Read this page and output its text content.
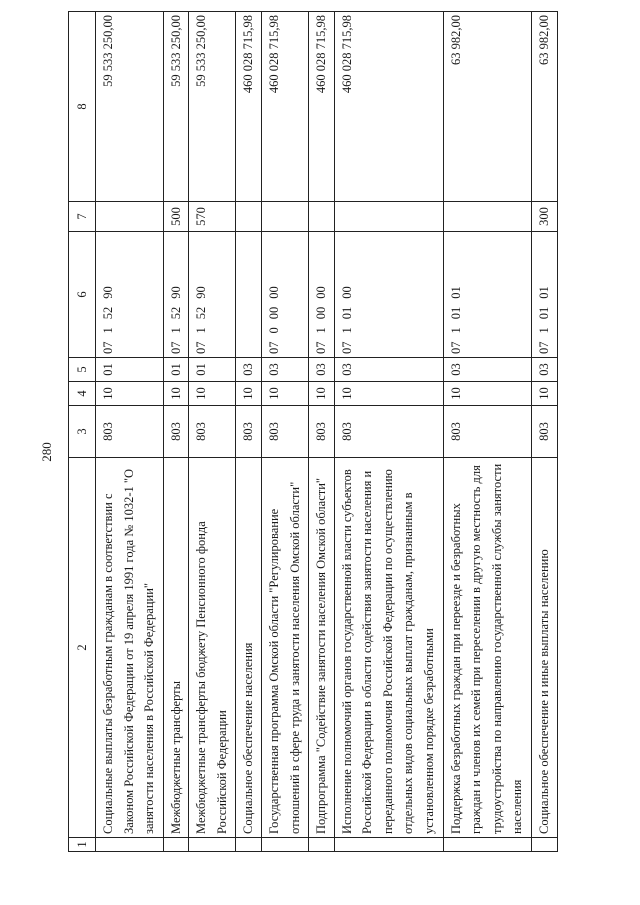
280
1	2	3	4	5	6	7	8
	Социальные выплаты безработным гражданам в соответствии с Законом Российской Федерации от 19 апреля 1991 года № 1032-1 "О занятости населения в Российской Федерации"	803	10	01	0715290		59 533 250,00
	Межбюджетные трансферты	803	10	01	0715290	500	59 533 250,00
	Межбюджетные трансферты бюджету Пенсионного фонда Российской Федерации	803	10	01	0715290	570	59 533 250,00
	Социальное обеспечение населения	803	10	03			460 028 715,98
	Государственная программа Омской области "Регулирование отношений в сфере труда и занятости населения Омской области"	803	10	03	0700000		460 028 715,98
	Подпрограмма "Содействие занятости населения Омской области"	803	10	03	0710000		460 028 715,98
	Исполнение полномочий органов государственной власти субъектов Российской Федерации в области содействия занятости населения и переданного полномочия Российской Федерации по осуществлению отдельных видов социальных выплат гражданам, признанным в установленном порядке безработными	803	10	03	0710100		460 028 715,98
	Поддержка безработных граждан при переезде и безработных граждан и членов их семей при переселении в другую местность для трудоустройства по направлению государственной службы занятости населения	803	10	03	0710101		63 982,00
	Социальное обеспечение и иные выплаты населению	803	10	03	0710101	300	63 982,00
